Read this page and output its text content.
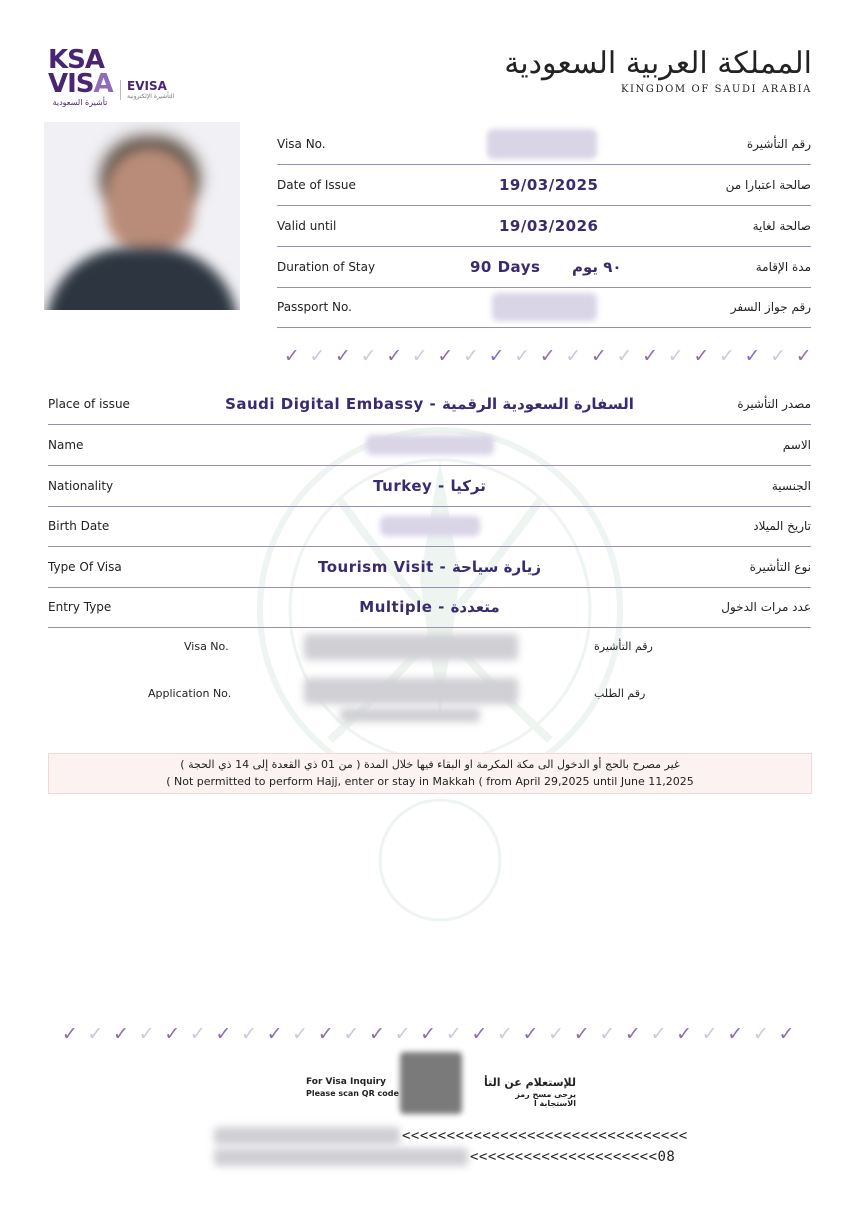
KSA
VISA
تأشيرة السعودية
EVISA
التأشيرة الإلكترونية
المملكة العربية السعودية
KINGDOM OF SAUDI ARABIA
Visa No.	رقم التأشيرة
Date of Issue	19/03/2025	صالحة اعتبارا من
Valid until	19/03/2026	صالحة لغاية
Duration of Stay	90 Days ٩٠ يوم	مدة الإقامة
Passport No.	رقم جواز السفر
✓ ✓ ✓ ✓ ✓ ✓ ✓ ✓ ✓ ✓ ✓ ✓ ✓ ✓ ✓ ✓ ✓ ✓ ✓ ✓ ✓
Place of issue	Saudi Digital Embassy - السفارة السعودية الرقمية	مصدر التأشيرة
Name	الاسم
Nationality	Turkey - تركيا	الجنسية
Birth Date	تاريخ الميلاد
Type Of Visa	Tourism Visit - زيارة سياحة	نوع التأشيرة
Entry Type	Multiple - متعددة	عدد مرات الدخول
Visa No.	رقم التأشيرة
Application No.	رقم الطلب
غير مصرح بالحج أو الدخول الى مكة المكرمة او البقاء فيها خلال المدة ( من 01 ذي القعدة إلى 14 ذي الحجة )
( Not permitted to perform Hajj, enter or stay in Makkah ( from April 29,2025 until June 11,2025
✓ ✓ ✓ ✓ ✓ ✓ ✓ ✓ ✓ ✓ ✓ ✓ ✓ ✓ ✓ ✓ ✓ ✓ ✓ ✓ ✓ ✓ ✓ ✓ ✓ ✓ ✓ ✓ ✓
For Visa Inquiry
Please scan QR code
للإستعلام عن التأ
يرجى مسح رمز الاستجابة ا
<<<<<<<<<<<<<<<<<<<<<<<<<<<<<<<<
<<<<<<<<<<<<<<<<<<<<<08
